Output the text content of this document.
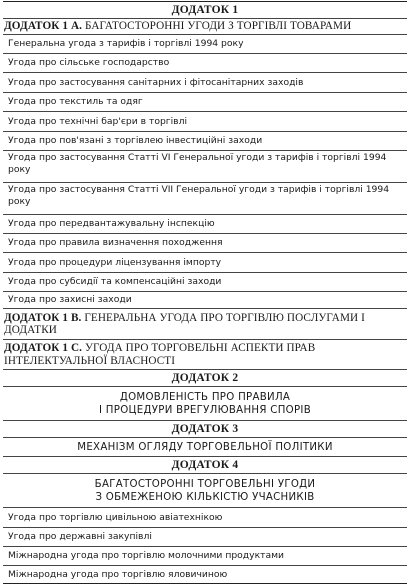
ДОДАТОК 1
ДОДАТОК 1 А. БАГАТОСТОРОННІ УГОДИ З ТОРГІВЛІ ТОВАРАМИ
Генеральна угода з тарифів і торгівлі 1994 року
Угода про сільське господарство
Угода про застосування санітарних і фітосанітарних заходів
Угода про текстиль та одяг
Угода про технічні бар'єри в торгівлі
Угода про пов'язані з торгівлею інвестиційні заходи
Угода про застосування Статті VI Генеральної угоди з тарифів і торгівлі 1994 року
Угода про застосування Статті VII Генеральної угоди з тарифів і торгівлі 1994 року
Угода про передвантажувальну інспекцію
Угода про правила визначення походження
Угода про процедури ліцензування імпорту
Угода про субсидії та компенсаційні заходи
Угода про захисні заходи
ДОДАТОК 1 В. ГЕНЕРАЛЬНА УГОДА ПРО ТОРГІВЛЮ ПОСЛУГАМИ І ДОДАТКИ
ДОДАТОК 1 С. УГОДА ПРО ТОРГОВЕЛЬНІ АСПЕКТИ ПРАВ ІНТЕЛЕКТУАЛЬНОЇ ВЛАСНОСТІ
ДОДАТОК 2
ДОМОВЛЕНІСТЬ ПРО ПРАВИЛА
І ПРОЦЕДУРИ ВРЕГУЛЮВАННЯ СПОРІВ
ДОДАТОК 3
МЕХАНІЗМ ОГЛЯДУ ТОРГОВЕЛЬНОЇ ПОЛІТИКИ
ДОДАТОК 4
БАГАТОСТОРОННІ ТОРГОВЕЛЬНІ УГОДИ
З ОБМЕЖЕНОЮ КІЛЬКІСТЮ УЧАСНИКІВ
Угода про торгівлю цивільною авіатехнікою
Угода про державні закупівлі
Міжнародна угода про торгівлю молочними продуктами
Міжнародна угода про торгівлю яловичиною
